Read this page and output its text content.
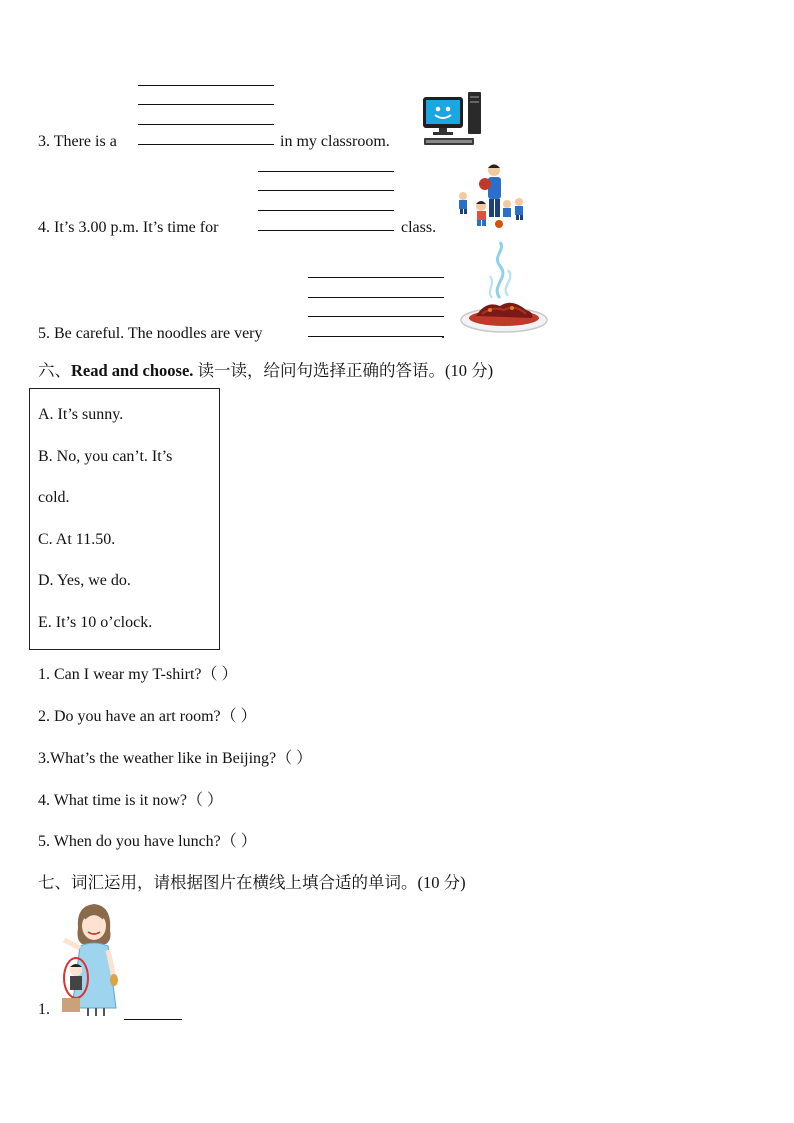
3. There is a	in my classroom.
4. It’s 3.00 p.m. It’s time for	class.
5. Be careful. The noodles are very	.
六、Read and choose. 读一读，给问句选择正确的答语。(10 分)
A. It’s sunny.
B. No, you can’t. It’s
cold.
C. At 11.50.
D. Yes, we do.
E. It’s 10 o’clock.
1. Can I wear my T-shirt?（ ）
2. Do you have an art room?（ ）
3.What’s the weather like in Beijing?（ ）
4. What time is it now?（ ）
5. When do you have lunch?（ ）
七、词汇运用，请根据图片在横线上填合适的单词。(10 分)
1.
